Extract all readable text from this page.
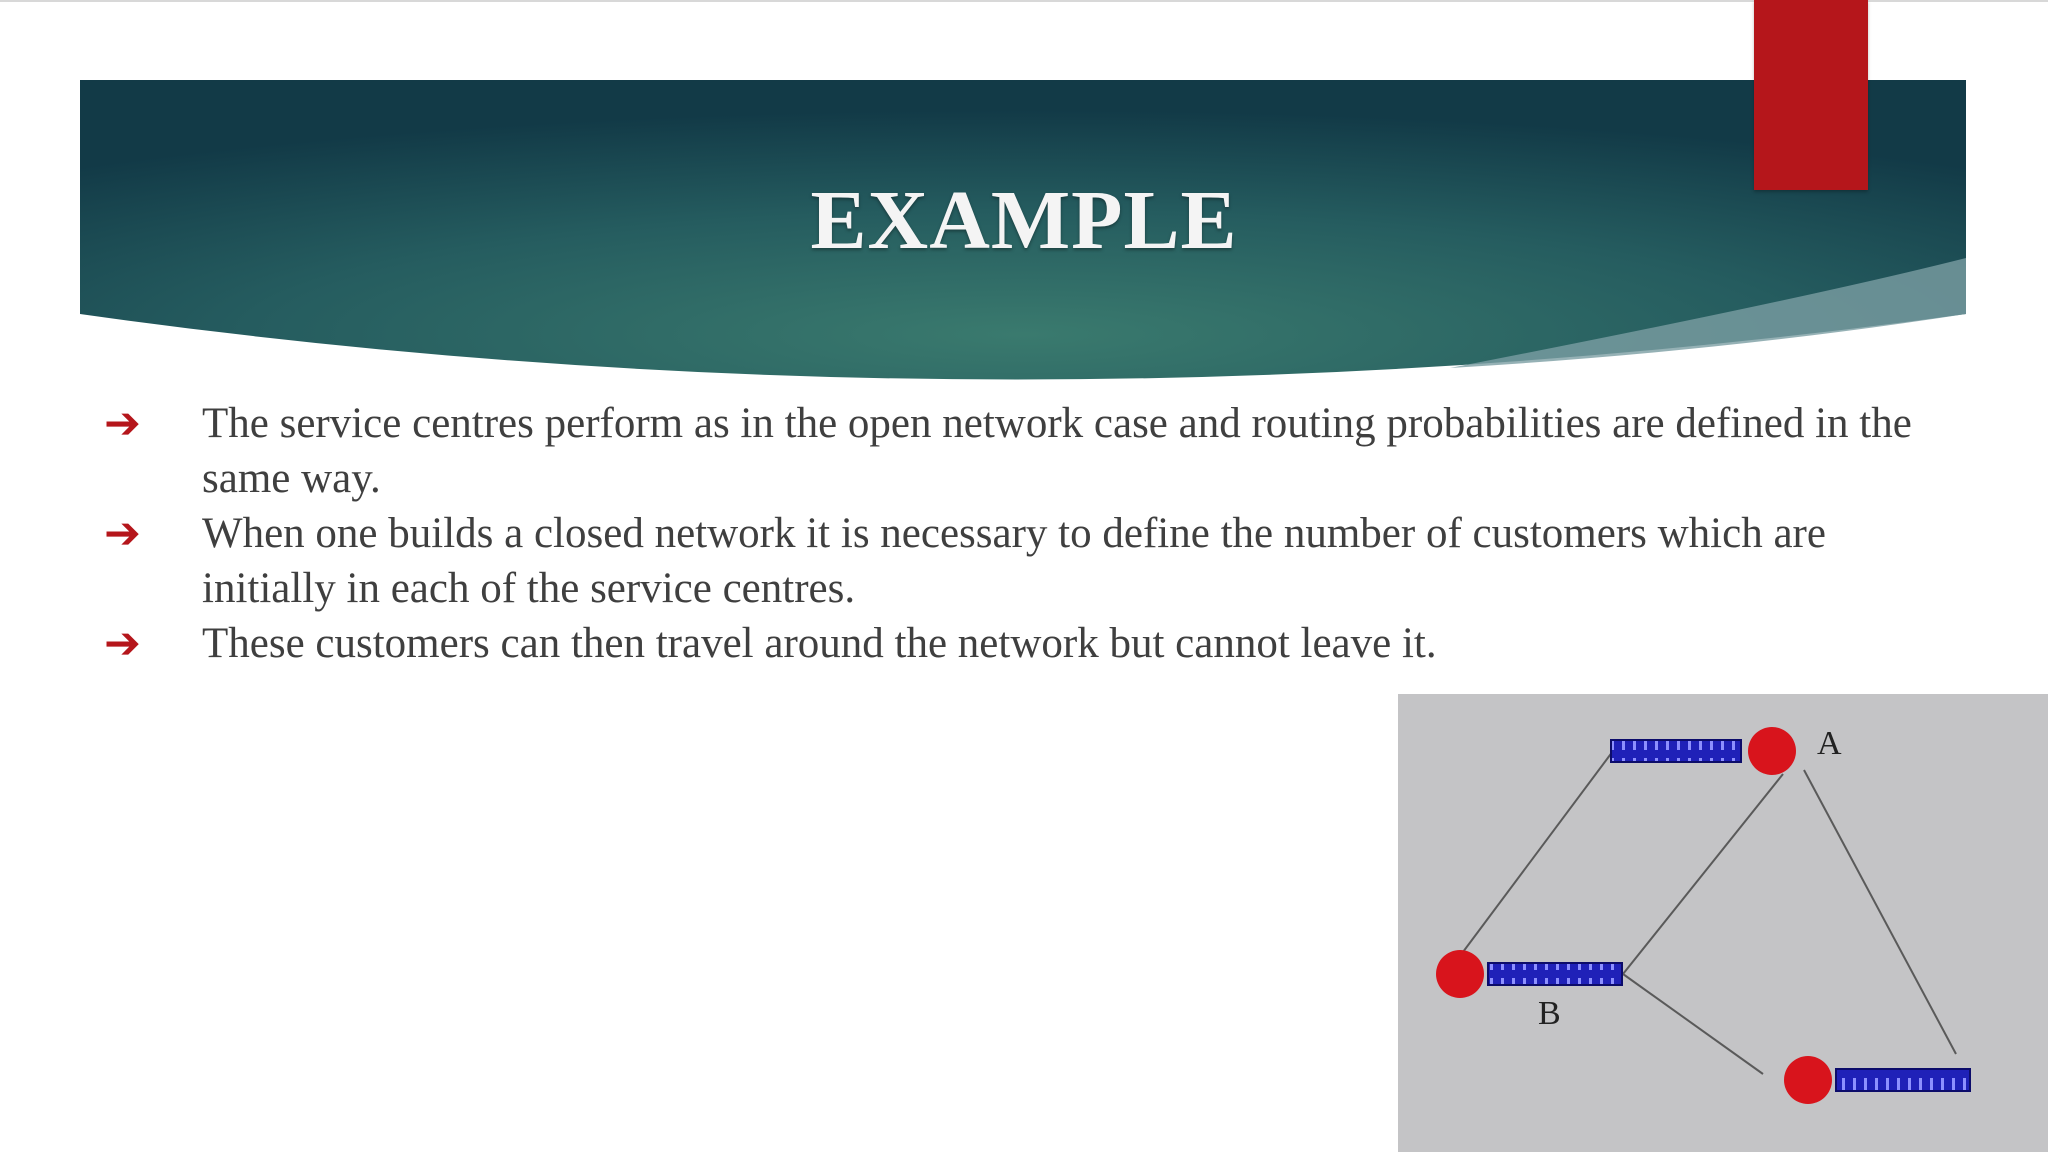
EXAMPLE
➔ The service centres perform as in the open network case and routing probabilities are defined in the same way.
➔ When one builds a closed network it is necessary to define the number of customers which are initially in each of the service centres.
➔ These customers can then travel around the network but cannot leave it.
A
B
